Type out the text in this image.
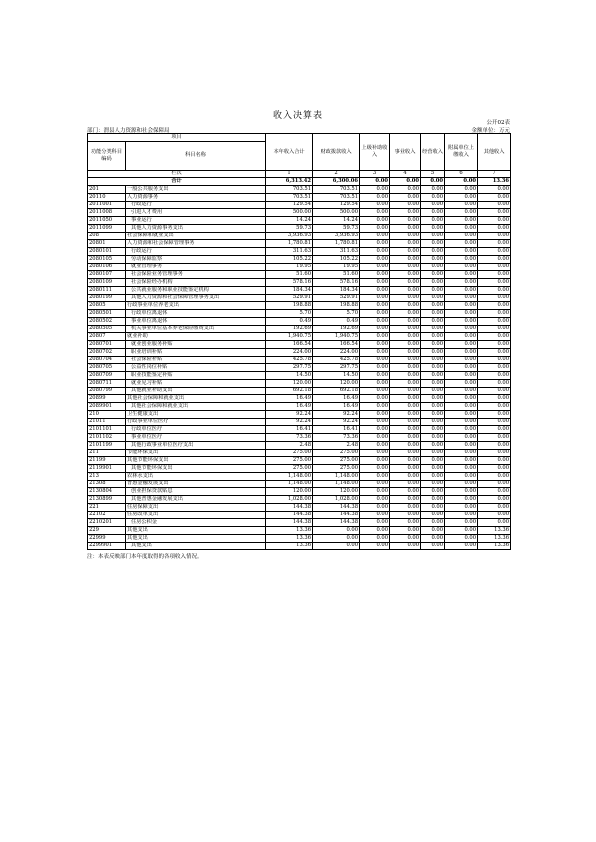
收入决算表
公开02表
部门：渭县人力资源和社会保障局	金额单位：万元
项目		本年收入合计	财政拨款收入	上级补助收入	事业收入	经营收入	附属单位上缴收入	其他收入
功能分类科目编码	科目名称							

栏次		1	2	3	4	5	6	7
合计		6,313.42	6,300.06	0.00	0.00	0.00	0.00	13.36
201	一般公共服务支出	703.51	703.51	0.00	0.00	0.00	0.00	0.00
20110	人力资源事务	703.51	703.51	0.00	0.00	0.00	0.00	0.00
2011001	行政运行	129.54	129.54	0.00	0.00	0.00	0.00	0.00
2011008	引进人才费用	500.00	500.00	0.00	0.00	0.00	0.00	0.00
2011050	事业运行	14.24	14.24	0.00	0.00	0.00	0.00	0.00
2011099	其他人力资源事务支出	59.73	59.73	0.00	0.00	0.00	0.00	0.00
208	社会保障和就业支出	3,936.93	3,936.93	0.00	0.00	0.00	0.00	0.00
20801	人力资源和社会保障管理事务	1,780.81	1,780.81	0.00	0.00	0.00	0.00	0.00
2080101	行政运行	311.63	311.63	0.00	0.00	0.00	0.00	0.00
2080105	劳动保障监察	105.22	105.22	0.00	0.00	0.00	0.00	0.00
2080106	就业管理事务	19.95	19.95	0.00	0.00	0.00	0.00	0.00
2080107	社会保险业务管理事务	51.60	51.60	0.00	0.00	0.00	0.00	0.00
2080109	社会保险经办机构	578.16	578.16	0.00	0.00	0.00	0.00	0.00
2080111	公共就业服务和职业技能鉴定机构	184.34	184.34	0.00	0.00	0.00	0.00	0.00
2080199	其他人力资源和社会保障管理事务支出	529.91	529.91	0.00	0.00	0.00	0.00	0.00
20805	行政事业单位养老支出	198.88	198.88	0.00	0.00	0.00	0.00	0.00
2080501	行政单位离退休	5.70	5.70	0.00	0.00	0.00	0.00	0.00
2080502	事业单位离退休	0.49	0.49	0.00	0.00	0.00	0.00	0.00
2080505	机关事业单位基本养老保险缴费支出	192.69	192.69	0.00	0.00	0.00	0.00	0.00
20807	就业补助	1,940.75	1,940.75	0.00	0.00	0.00	0.00	0.00
2080701	就业创业服务补贴	166.54	166.54	0.00	0.00	0.00	0.00	0.00
2080702	职业培训补贴	224.00	224.00	0.00	0.00	0.00	0.00	0.00
2080704	社会保险补贴	425.78	425.78	0.00	0.00	0.00	0.00	0.00
2080705	公益性岗位补贴	297.75	297.75	0.00	0.00	0.00	0.00	0.00
2080709	职业技能鉴定补贴	14.50	14.50	0.00	0.00	0.00	0.00	0.00
2080711	就业见习补贴	120.00	120.00	0.00	0.00	0.00	0.00	0.00
2080799	其他就业补助支出	692.18	692.18	0.00	0.00	0.00	0.00	0.00
20899	其他社会保障和就业支出	16.49	16.49	0.00	0.00	0.00	0.00	0.00
2089901	其他社会保障和就业支出	16.49	16.49	0.00	0.00	0.00	0.00	0.00
210	卫生健康支出	92.24	92.24	0.00	0.00	0.00	0.00	0.00
21011	行政事业单位医疗	92.24	92.24	0.00	0.00	0.00	0.00	0.00
2101101	行政单位医疗	16.41	16.41	0.00	0.00	0.00	0.00	0.00
2101102	事业单位医疗	73.36	73.36	0.00	0.00	0.00	0.00	0.00
2101199	其他行政事业单位医疗支出	2.48	2.48	0.00	0.00	0.00	0.00	0.00
211	节能环保支出	275.00	275.00	0.00	0.00	0.00	0.00	0.00
21199	其他节能环保支出	275.00	275.00	0.00	0.00	0.00	0.00	0.00
2119901	其他节能环保支出	275.00	275.00	0.00	0.00	0.00	0.00	0.00
213	农林水支出	1,148.00	1,148.00	0.00	0.00	0.00	0.00	0.00
21308	普惠金融发展支出	1,148.00	1,148.00	0.00	0.00	0.00	0.00	0.00
2130804	创业担保贷款贴息	120.00	120.00	0.00	0.00	0.00	0.00	0.00
2130899	其他普惠金融发展支出	1,028.00	1,028.00	0.00	0.00	0.00	0.00	0.00
221	住房保障支出	144.38	144.38	0.00	0.00	0.00	0.00	0.00
22102	住房改革支出	144.38	144.38	0.00	0.00	0.00	0.00	0.00
2210201	住房公积金	144.38	144.38	0.00	0.00	0.00	0.00	0.00
229	其他支出	13.36	0.00	0.00	0.00	0.00	0.00	13.36
22999	其他支出	13.36	0.00	0.00	0.00	0.00	0.00	13.36
2299901	其他支出	13.36	0.00	0.00	0.00	0.00	0.00	13.36
注：本表反映部门本年度取得的各项收入情况。
